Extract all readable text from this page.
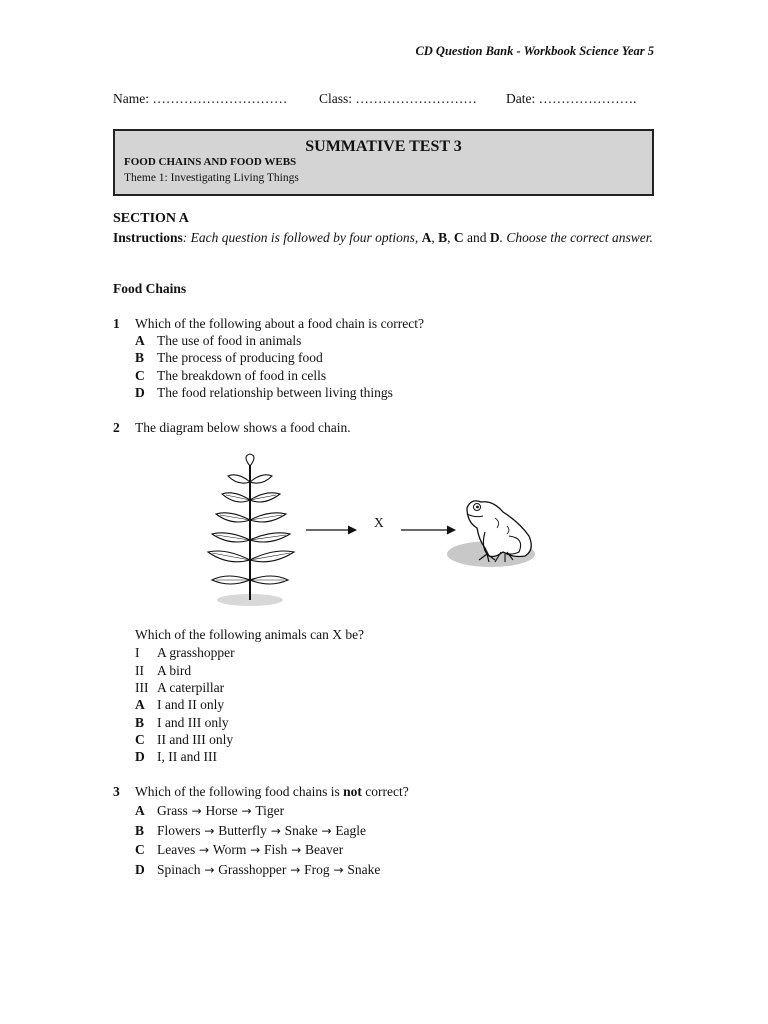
CD Question Bank - Workbook Science Year 5
Name: ………………………… Class: ……………………… Date: ………………….
SUMMATIVE TEST 3
FOOD CHAINS AND FOOD WEBS
Theme 1: Investigating Living Things
SECTION A
Instructions: Each question is followed by four options, A, B, C and D. Choose the correct answer.
Food Chains
1 Which of the following about a food chain is correct?
A The use of food in animals
B The process of producing food
C The breakdown of food in cells
D The food relationship between living things
2 The diagram below shows a food chain.
X
Which of the following animals can X be?
I A grasshopper
II A bird
III A caterpillar
A I and II only
B I and III only
C II and III only
D I, II and III
3 Which of the following food chains is not correct?
A Grass → Horse → Tiger
B Flowers → Butterfly → Snake → Eagle
C Leaves → Worm → Fish → Beaver
D Spinach → Grasshopper → Frog → Snake
